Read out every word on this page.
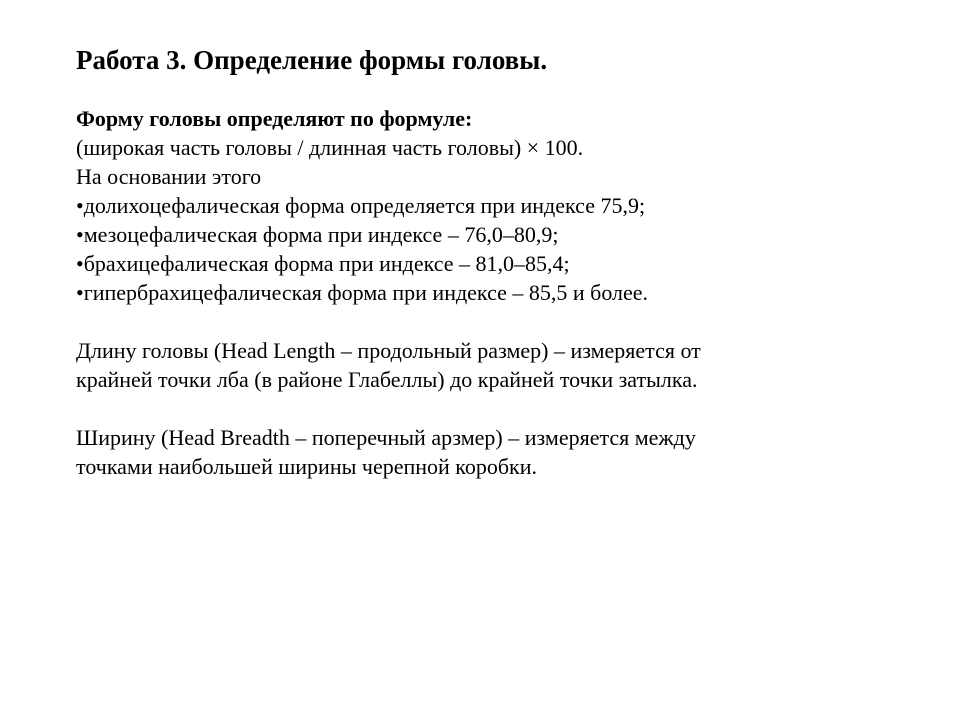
Работа 3. Определение формы головы.
Форму головы определяют по формуле:
(широкая часть головы / длинная часть головы) × 100.
На основании этого
•долихоцефалическая форма определяется при индексе 75,9;
•мезоцефалическая форма при индексе – 76,0–80,9;
•брахицефалическая форма при индексе – 81,0–85,4;
•гипербрахицефалическая форма при индексе – 85,5 и более.
Длину головы (Head Length – продольный размер) – измеряется от
крайней точки лба (в районе Глабеллы) до крайней точки затылка.
Ширину (Head Breadth – поперечный арзмер) – измеряется между
точками наибольшей ширины черепной коробки.
